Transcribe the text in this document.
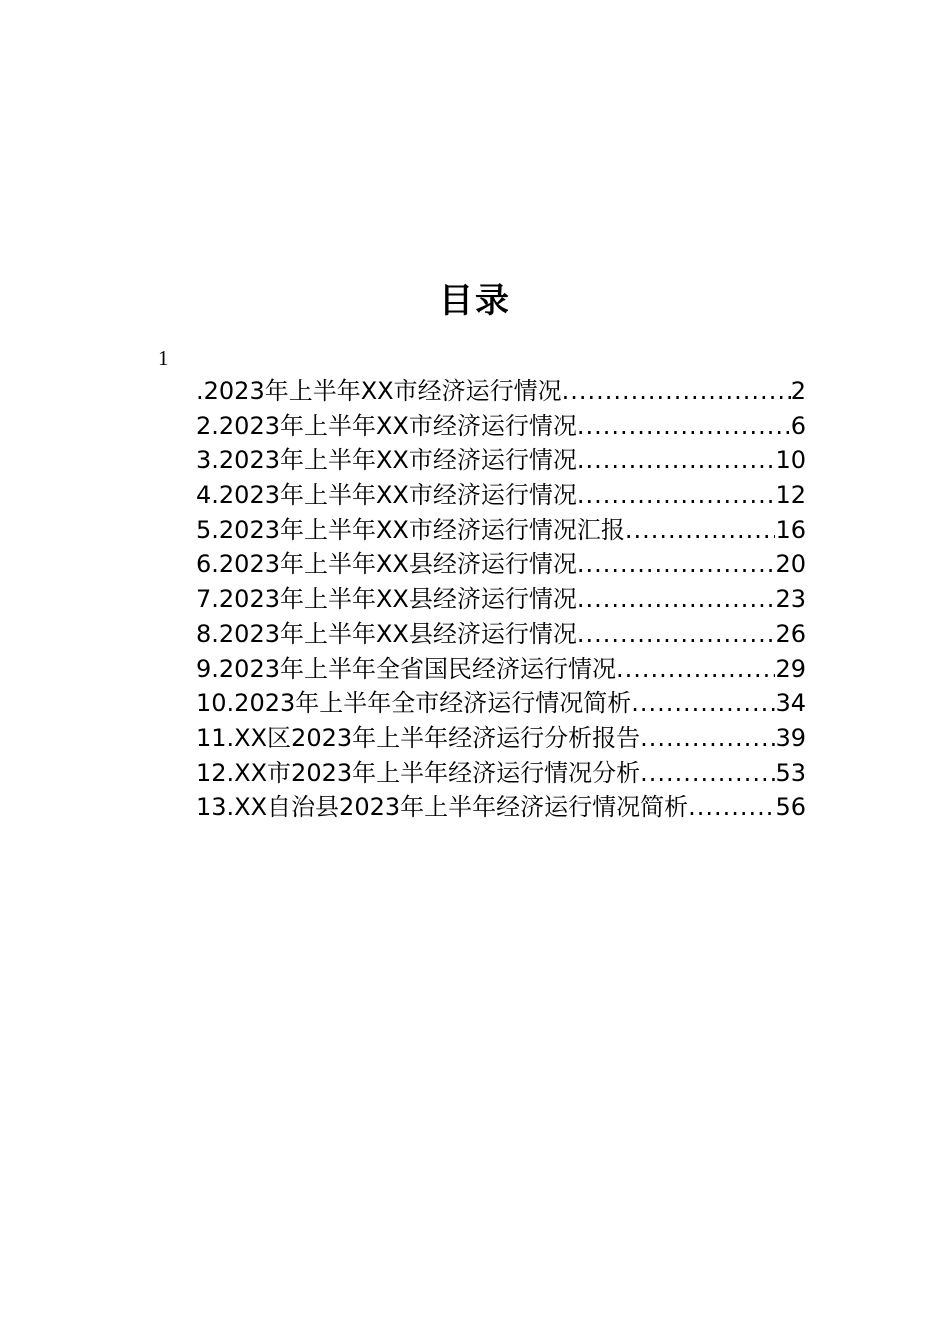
目录
1
.2023年上半年XX市经济运行情况 .....	2
2.2023年上半年XX市经济运行情况 .....	6
3.2023年上半年XX市经济运行情况 .....	10
4.2023年上半年XX市经济运行情况 .....	12
5.2023年上半年XX市经济运行情况汇报 .....	16
6.2023年上半年XX县经济运行情况 .....	20
7.2023年上半年XX县经济运行情况 .....	23
8.2023年上半年XX县经济运行情况 .....	26
9.2023年上半年全省国民经济运行情况 .....	29
10.2023年上半年全市经济运行情况简析 .....	34
11.XX区2023年上半年经济运行分析报告 .....	39
12.XX市2023年上半年经济运行情况分析 .....	53
13.XX自治县2023年上半年经济运行情况简析 .....	56
